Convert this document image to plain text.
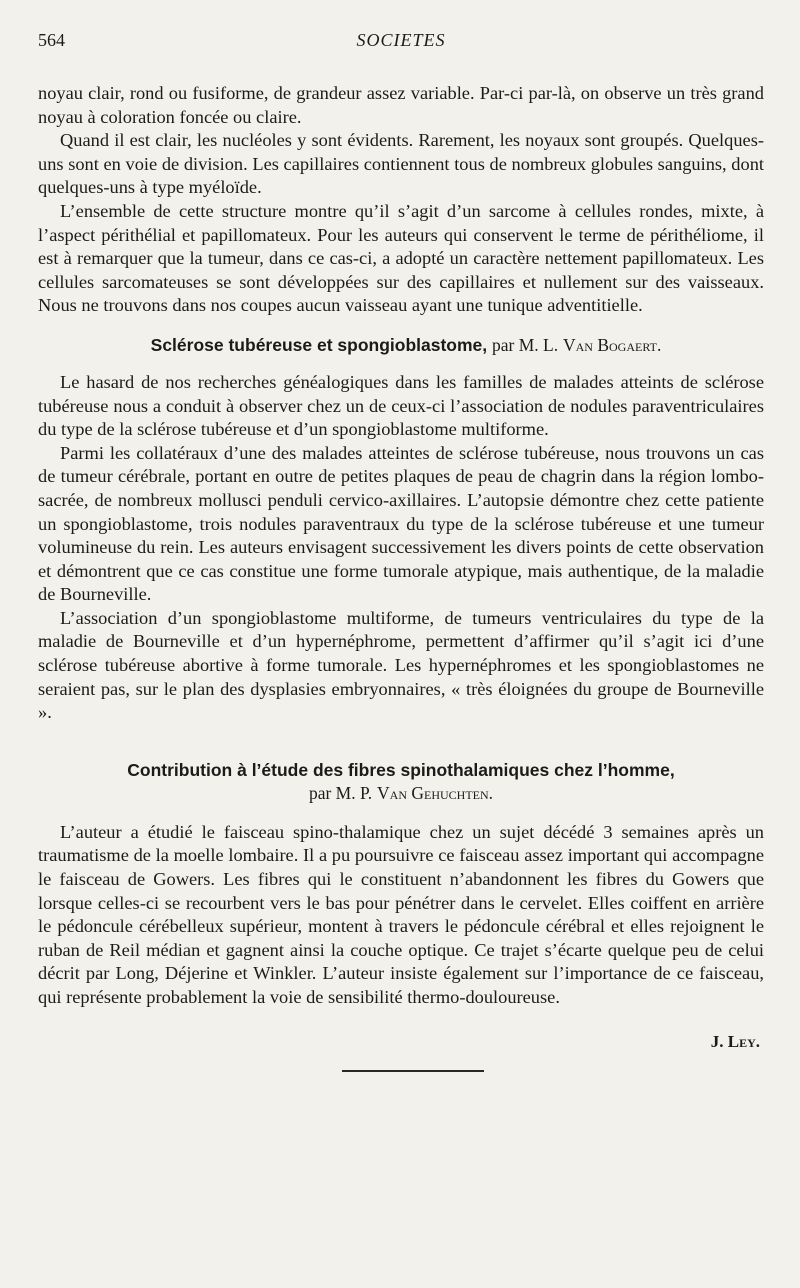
564	SOCIETES

noyau clair, rond ou fusiforme, de grandeur assez variable. Par-ci par-là, on observe un très grand noyau à coloration foncée ou claire.

Quand il est clair, les nucléoles y sont évidents. Rarement, les noyaux sont groupés. Quelques-uns sont en voie de division. Les capillaires contiennent tous de nombreux globules sanguins, dont quelques-uns à type myéloïde.

L’ensemble de cette structure montre qu’il s’agit d’un sarcome à cellules rondes, mixte, à l’aspect périthélial et papillomateux. Pour les auteurs qui conservent le terme de périthéliome, il est à remarquer que la tumeur, dans ce cas-ci, a adopté un caractère nettement papillomateux. Les cellules sarcomateuses se sont développées sur des capillaires et nullement sur des vaisseaux. Nous ne trouvons dans nos coupes aucun vaisseau ayant une tunique adventitielle.

Sclérose tubéreuse et spongioblastome, par M. L. Van Bogaert.

Le hasard de nos recherches généalogiques dans les familles de malades atteints de sclérose tubéreuse nous a conduit à observer chez un de ceux-ci l’association de nodules paraventriculaires du type de la sclérose tubéreuse et d’un spongioblastome multiforme.

Parmi les collatéraux d’une des malades atteintes de sclérose tubéreuse, nous trouvons un cas de tumeur cérébrale, portant en outre de petites plaques de peau de chagrin dans la région lombo-sacrée, de nombreux mollusci penduli cervico-axillaires. L’autopsie démontre chez cette patiente un spongioblastome, trois nodules paraventraux du type de la sclérose tubéreuse et une tumeur volumineuse du rein. Les auteurs envisagent successivement les divers points de cette observation et démontrent que ce cas constitue une forme tumorale atypique, mais authentique, de la maladie de Bourneville.

L’association d’un spongioblastome multiforme, de tumeurs ventriculaires du type de la maladie de Bourneville et d’un hypernéphrome, permettent d’affirmer qu’il s’agit ici d’une sclérose tubéreuse abortive à forme tumorale. Les hypernéphromes et les spongioblastomes ne seraient pas, sur le plan des dysplasies embryonnaires, « très éloignées du groupe de Bourneville ».

Contribution à l’étude des fibres spinothalamiques chez l’homme,
par M. P. Van Gehuchten.

L’auteur a étudié le faisceau spino-thalamique chez un sujet décédé 3 semaines après un traumatisme de la moelle lombaire. Il a pu poursuivre ce faisceau assez important qui accompagne le faisceau de Gowers. Les fibres qui le constituent n’abandonnent les fibres du Gowers que lorsque celles-ci se recourbent vers le bas pour pénétrer dans le cervelet. Elles coiffent en arrière le pédoncule cérébelleux supérieur, montent à travers le pédoncule cérébral et elles rejoignent le ruban de Reil médian et gagnent ainsi la couche optique. Ce trajet s’écarte quelque peu de celui décrit par Long, Déjerine et Winkler. L’auteur insiste également sur l’importance de ce faisceau, qui représente probablement la voie de sensibilité thermo-douloureuse.

J. Ley.
